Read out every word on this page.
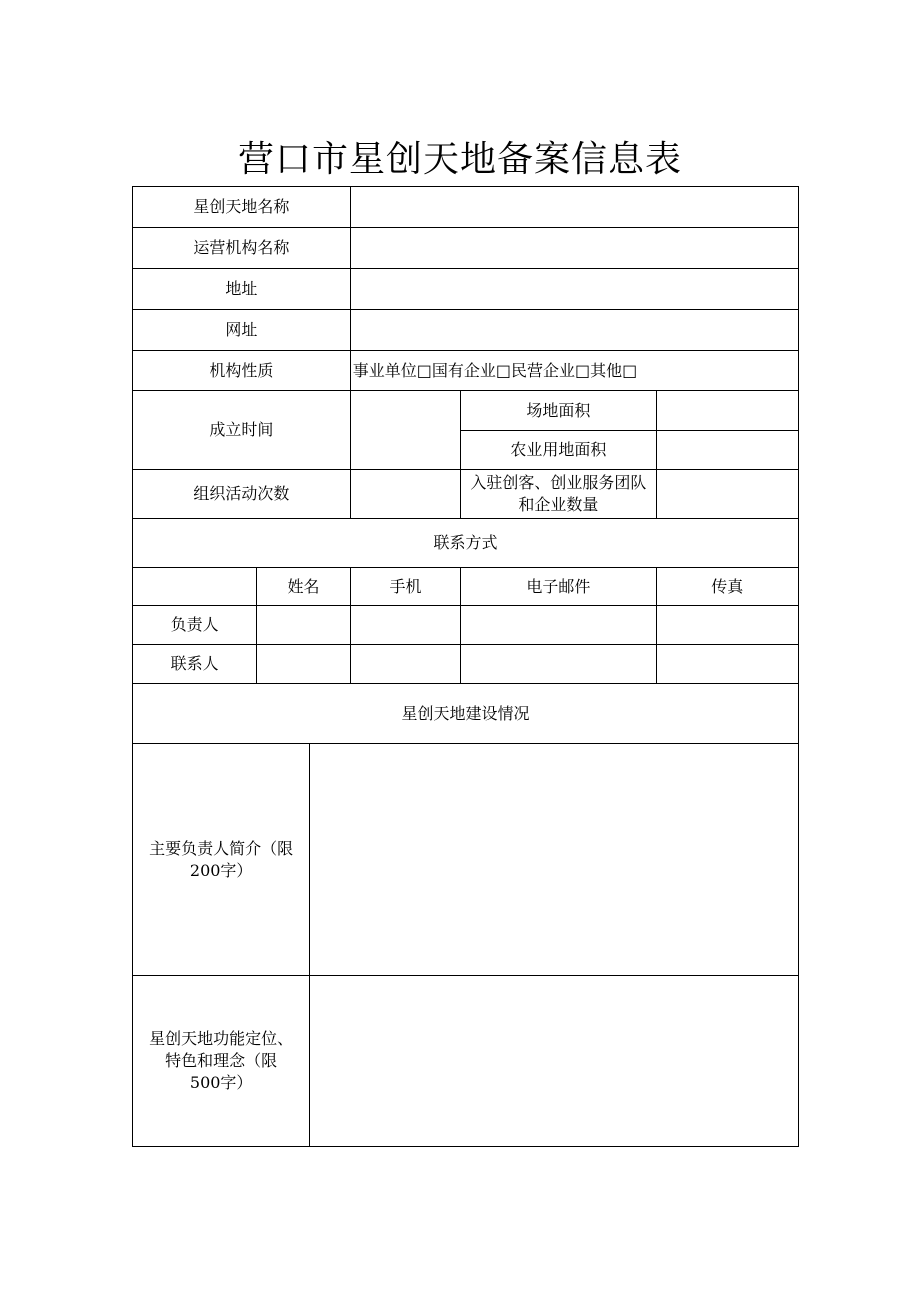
营口市星创天地备案信息表
星创天地名称					
运营机构名称					
地址					
网址					
机构性质			事业单位□国有企业□民营企业□其他□		
成立时间				场地面积	
				农业用地面积	
组织活动次数				入驻创客、创业服务团队
和企业数量	
联系方式					
	姓名		手机	电子邮件	传真
负责人					
联系人					
星创天地建设情况					
主要负责人简介（限
200字）					
星创天地功能定位、
特色和理念（限
500字）					
